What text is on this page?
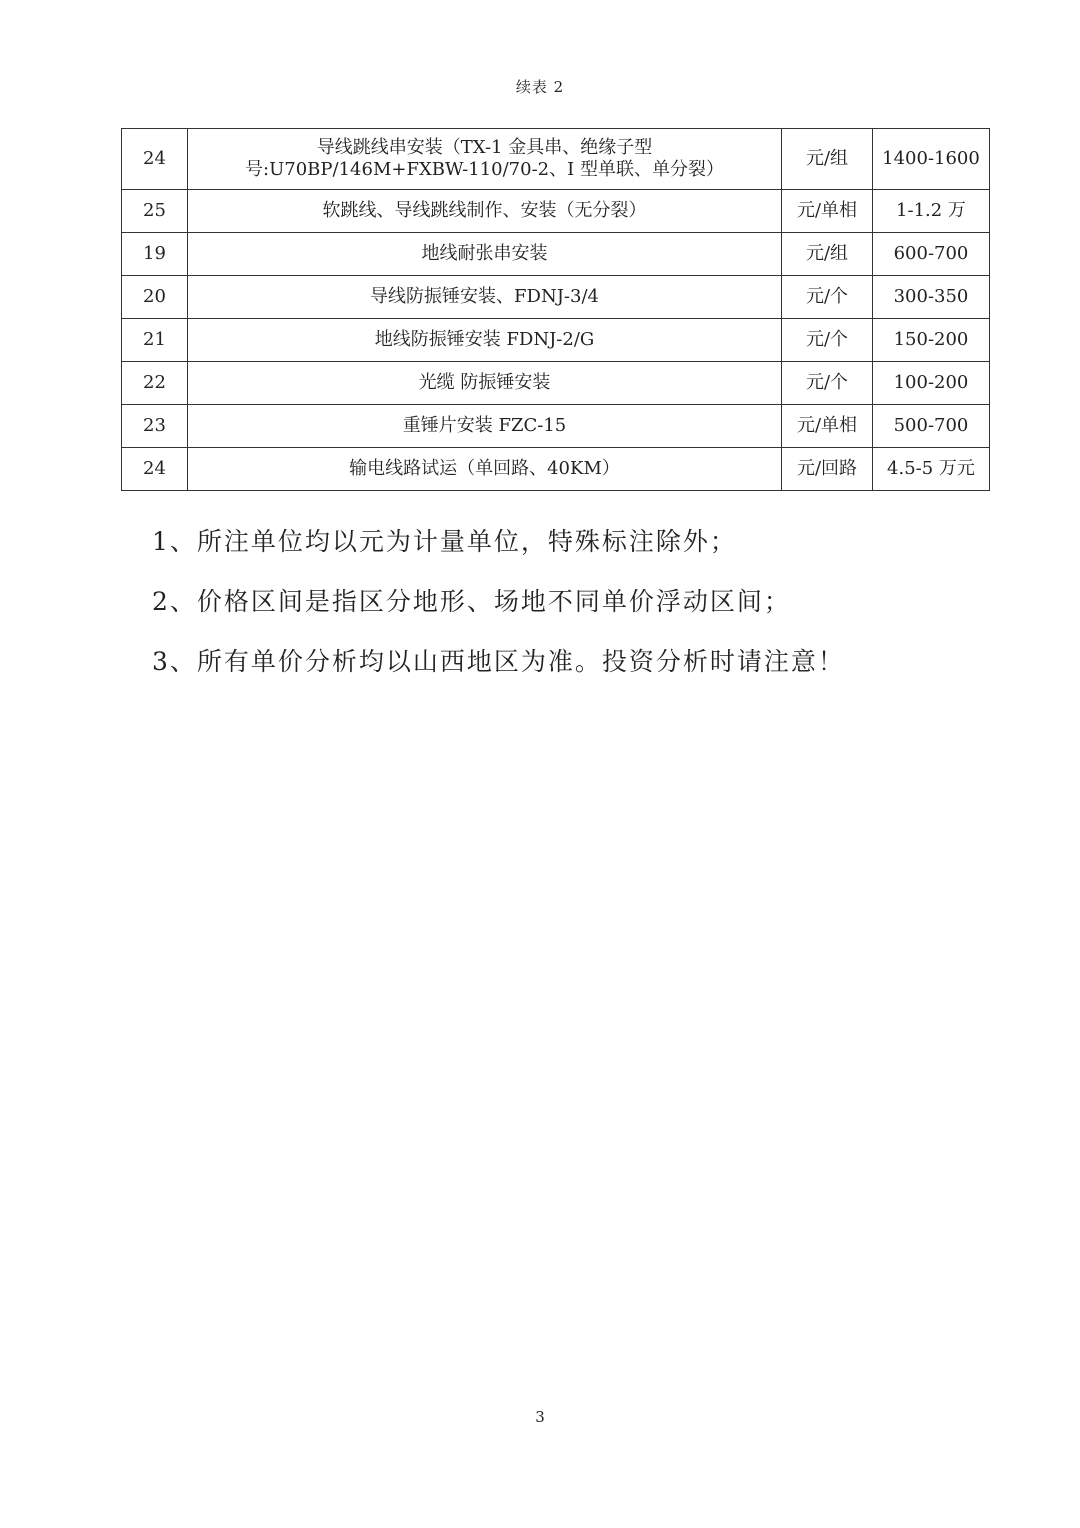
续表 2
24	导线跳线串安装（TX-1 金具串、绝缘子型
号:U70BP/146M+FXBW-110/70-2、I 型单联、单分裂）	元/组	1400-1600
25	软跳线、导线跳线制作、安装（无分裂）	元/单相	1-1.2 万
19	地线耐张串安装	元/组	600-700
20	导线防振锤安装、FDNJ-3/4	元/个	300-350
21	地线防振锤安装 FDNJ-2/G	元/个	150-200
22	光缆 防振锤安装	元/个	100-200
23	重锤片安装 FZC-15	元/单相	500-700
24	输电线路试运（单回路、40KM）	元/回路	4.5-5 万元
1、所注单位均以元为计量单位，特殊标注除外；
2、价格区间是指区分地形、场地不同单价浮动区间；
3、所有单价分析均以山西地区为准。投资分析时请注意！
3
